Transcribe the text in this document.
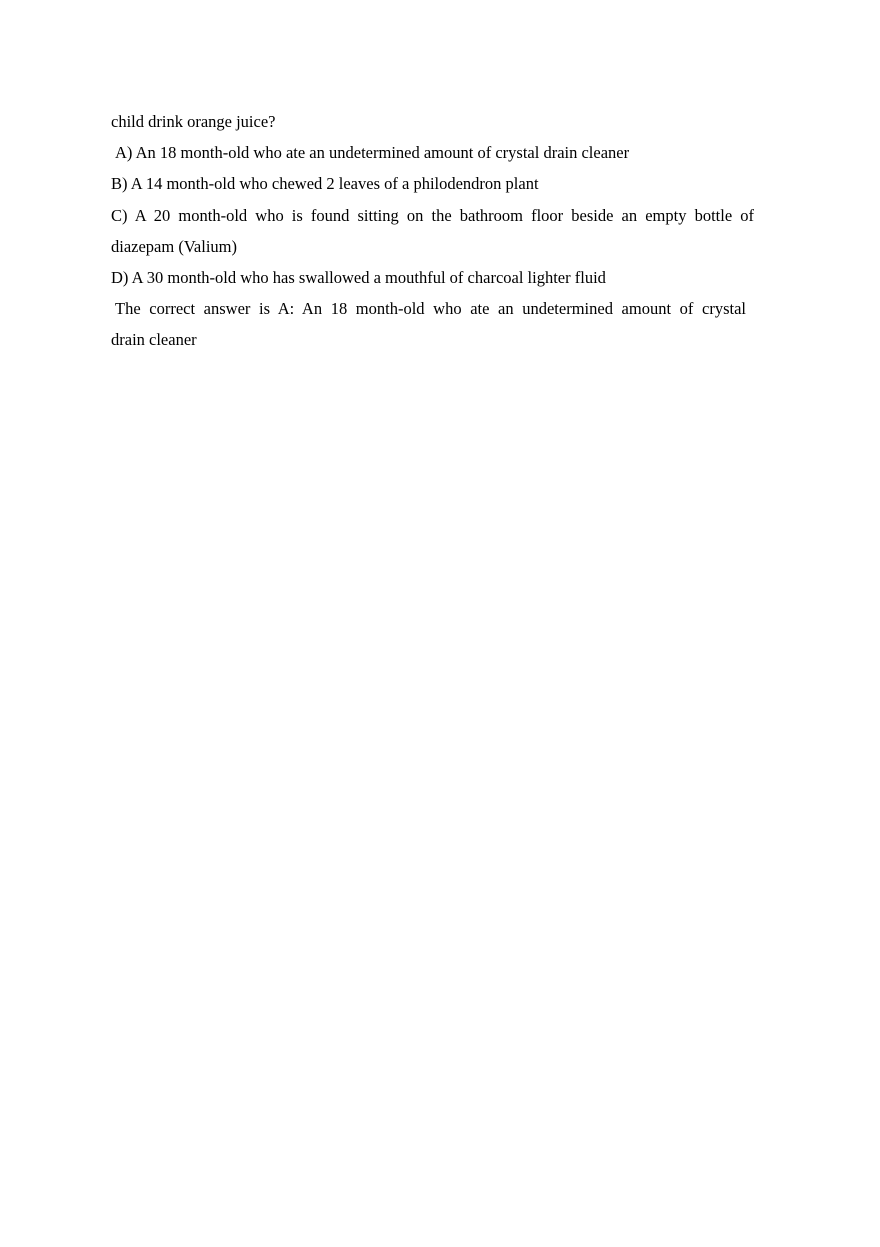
child drink orange juice?
A) An 18 month-old who ate an undetermined amount of crystal drain cleaner
B) A 14 month-old who chewed 2 leaves of a philodendron plant
C) A 20 month-old who is found sitting on the bathroom floor beside an empty bottle of
diazepam (Valium)
D) A 30 month-old who has swallowed a mouthful of charcoal lighter fluid
The correct answer is A: An 18 month-old who ate an undetermined amount of crystal
drain cleaner
